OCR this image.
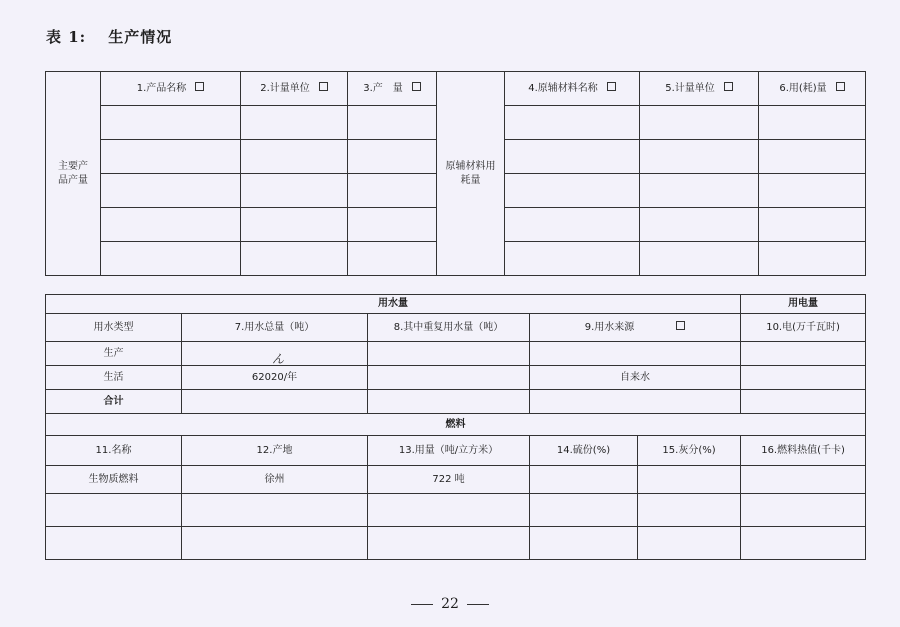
表 1: 生产情况
主要产品产量	1.产品名称	2.计量单位	3.产　量	原辅材料用耗量	4.原辅材料名称	5.计量单位	6.用(耗)量

用水量					用电量
用水类型	7.用水总量（吨）	8.其中重复用水量（吨）	9.用水来源		10.电(万千瓦时)
生产	ん				

生活	62020/年		自来水		
合计					
燃料					
11.名称	12.产地	13.用量（吨/立方米）	14.硫份(%)	15.灰分(%)	16.燃料热值(千卡)
生物质燃料	徐州	722 吨			

22
